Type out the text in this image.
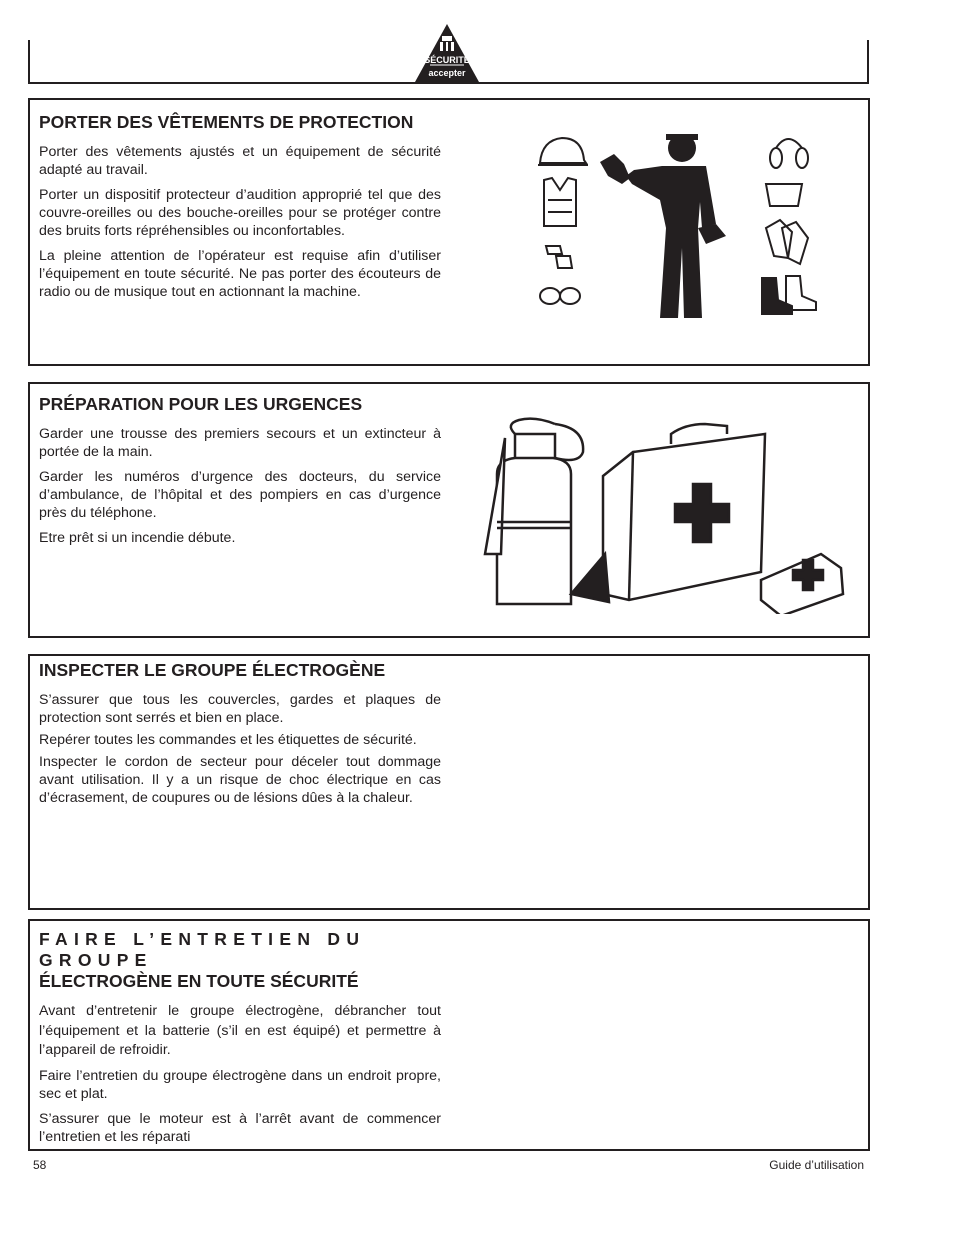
SÉCURITÉ
accepter
PORTER DES VÊTEMENTS DE PROTECTION

Porter des vêtements ajustés et un équipement de sécurité adapté au travail.

Porter un dispositif protecteur d’audition approprié tel que des couvre-oreilles ou des bouche-oreilles pour se protéger contre des bruits forts répréhensibles ou inconfortables.

La pleine attention de l’opérateur est requise afin d’utiliser l’équipement en toute sécurité. Ne pas porter des écouteurs de radio ou de musique tout en actionnant la machine.

PRÉPARATION POUR LES URGENCES

Garder une trousse des premiers secours et un extincteur à portée de la main.

Garder les numéros d’urgence des docteurs, du service d’ambulance, de l’hôpital et des pompiers en cas d’urgence près du téléphone.

Etre prêt si un incendie débute.

INSPECTER LE GROUPE ÉLECTROGÈNE

S’assurer que tous les couvercles, gardes et plaques de protection sont serrés et bien en place.

Repérer toutes les commandes et les étiquettes de sécurité.

Inspecter le cordon de secteur pour déceler tout dommage avant utilisation. Il y a un risque de choc électrique en cas d’écrasement, de coupures ou de lésions dûes à la chaleur.

FAIRE L’ENTRETIEN DU GROUPE
ÉLECTROGÈNE EN TOUTE SÉCURITÉ

Avant d’entretenir le groupe électrogène, débrancher tout l’équipement et la batterie (s’il en est équipé) et permettre à l’appareil de refroidir.

Faire l’entretien du groupe électrogène dans un endroit propre, sec et plat.

S’assurer que le moteur est à l’arrêt avant de commencer l’entretien et les réparati

58	Guide d’utilisation
